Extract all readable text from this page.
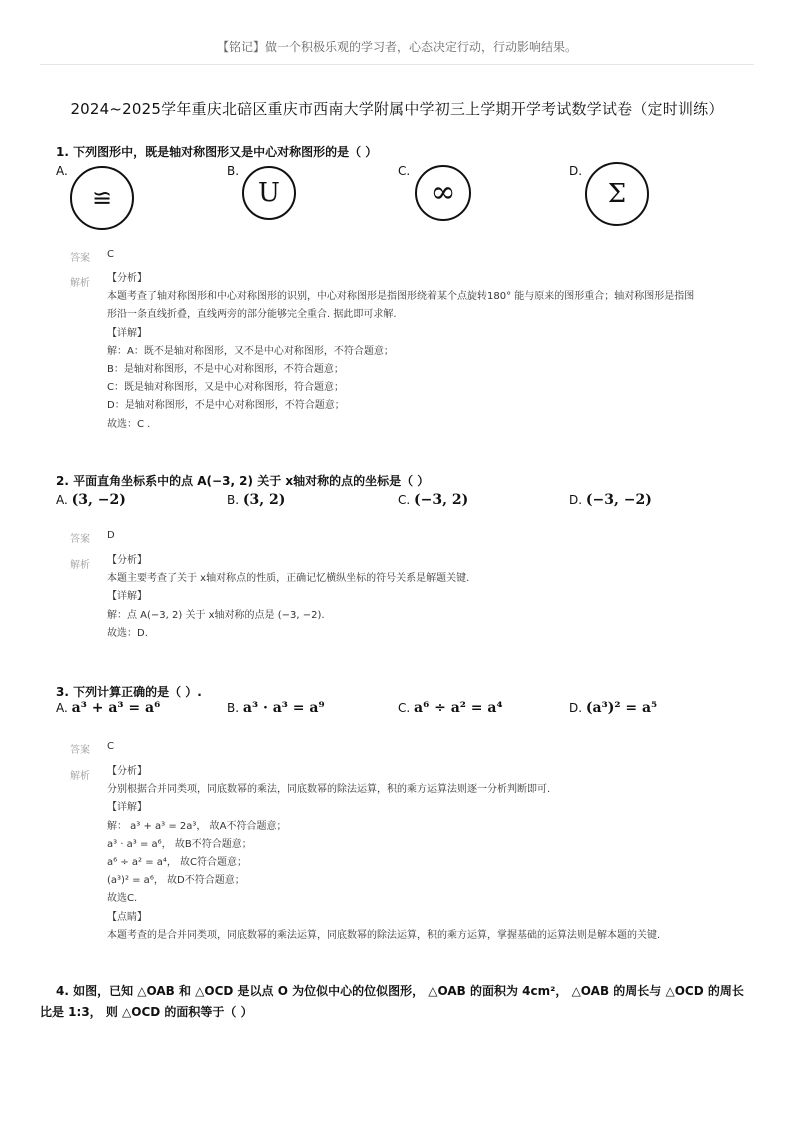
【铭记】做一个积极乐观的学习者，心态决定行动，行动影响结果。
2024~2025学年重庆北碚区重庆市西南大学附属中学初三上学期开学考试数学试卷（定时训练）
1. 下列图形中，既是轴对称图形又是中心对称图形的是（ ）
A.
≌
B.
U
C.
∞
D.
Σ
答案 C
解析 【分析】
本题考查了轴对称图形和中心对称图形的识别，中心对称图形是指图形绕着某个点旋转180° 能与原来的图形重合；轴对称图形是指图
形沿一条直线折叠，直线两旁的部分能够完全重合. 据此即可求解.
【详解】
解：A：既不是轴对称图形，又不是中心对称图形，不符合题意；
B：是轴对称图形，不是中心对称图形，不符合题意；
C：既是轴对称图形，又是中心对称图形，符合题意；
D：是轴对称图形，不是中心对称图形，不符合题意；
故选：C .
2. 平面直角坐标系中的点 A(−3, 2) 关于 x轴对称的点的坐标是（ ）
A. (3, −2)	B. (3, 2)	C. (−3, 2)	D. (−3, −2)
答案 D
解析 【分析】
本题主要考查了关于 x轴对称点的性质，正确记忆横纵坐标的符号关系是解题关键.
【详解】
解：点 A(−3, 2) 关于 x轴对称的点是 (−3, −2).
故选：D.
3. 下列计算正确的是（ ）.
A. a³ + a³ = a⁶	B. a³ · a³ = a⁹	C. a⁶ ÷ a² = a⁴	D. (a³)² = a⁵
答案 C
解析 【分析】
分别根据合并同类项，同底数幂的乘法，同底数幂的除法运算，积的乘方运算法则逐一分析判断即可.
【详解】
解： a³ + a³ = 2a³， 故A不符合题意；
a³ · a³ = a⁶， 故B不符合题意；
a⁶ ÷ a² = a⁴， 故C符合题意；
(a³)² = a⁶， 故D不符合题意；
故选C.
【点睛】
本题考查的是合并同类项，同底数幂的乘法运算，同底数幂的除法运算，积的乘方运算，掌握基础的运算法则是解本题的关键.
4. 如图，已知 △OAB 和 △OCD 是以点 O 为位似中心的位似图形， △OAB 的面积为 4cm²， △OAB 的周长与 △OCD 的周长
比是 1:3， 则 △OCD 的面积等于（ ）
